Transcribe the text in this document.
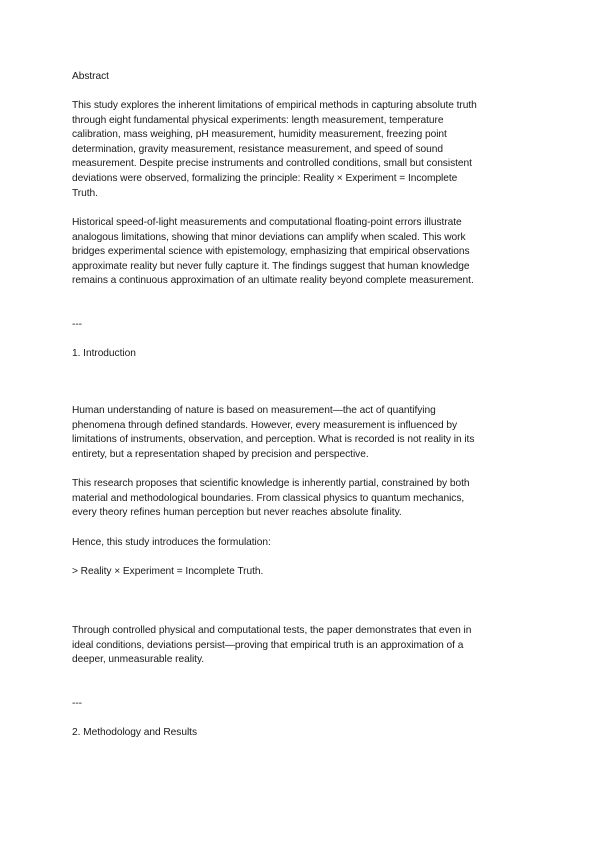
Abstract

This study explores the inherent limitations of empirical methods in capturing absolute truth
through eight fundamental physical experiments: length measurement, temperature
calibration, mass weighing, pH measurement, humidity measurement, freezing point
determination, gravity measurement, resistance measurement, and speed of sound
measurement. Despite precise instruments and controlled conditions, small but consistent
deviations were observed, formalizing the principle: Reality × Experiment = Incomplete
Truth.

Historical speed-of-light measurements and computational floating-point errors illustrate
analogous limitations, showing that minor deviations can amplify when scaled. This work
bridges experimental science with epistemology, emphasizing that empirical observations
approximate reality but never fully capture it. The findings suggest that human knowledge
remains a continuous approximation of an ultimate reality beyond complete measurement.

---

1. Introduction

Human understanding of nature is based on measurement—the act of quantifying
phenomena through defined standards. However, every measurement is influenced by
limitations of instruments, observation, and perception. What is recorded is not reality in its
entirety, but a representation shaped by precision and perspective.

This research proposes that scientific knowledge is inherently partial, constrained by both
material and methodological boundaries. From classical physics to quantum mechanics,
every theory refines human perception but never reaches absolute finality.

Hence, this study introduces the formulation:

> Reality × Experiment = Incomplete Truth.

Through controlled physical and computational tests, the paper demonstrates that even in
ideal conditions, deviations persist—proving that empirical truth is an approximation of a
deeper, unmeasurable reality.

---

2. Methodology and Results
